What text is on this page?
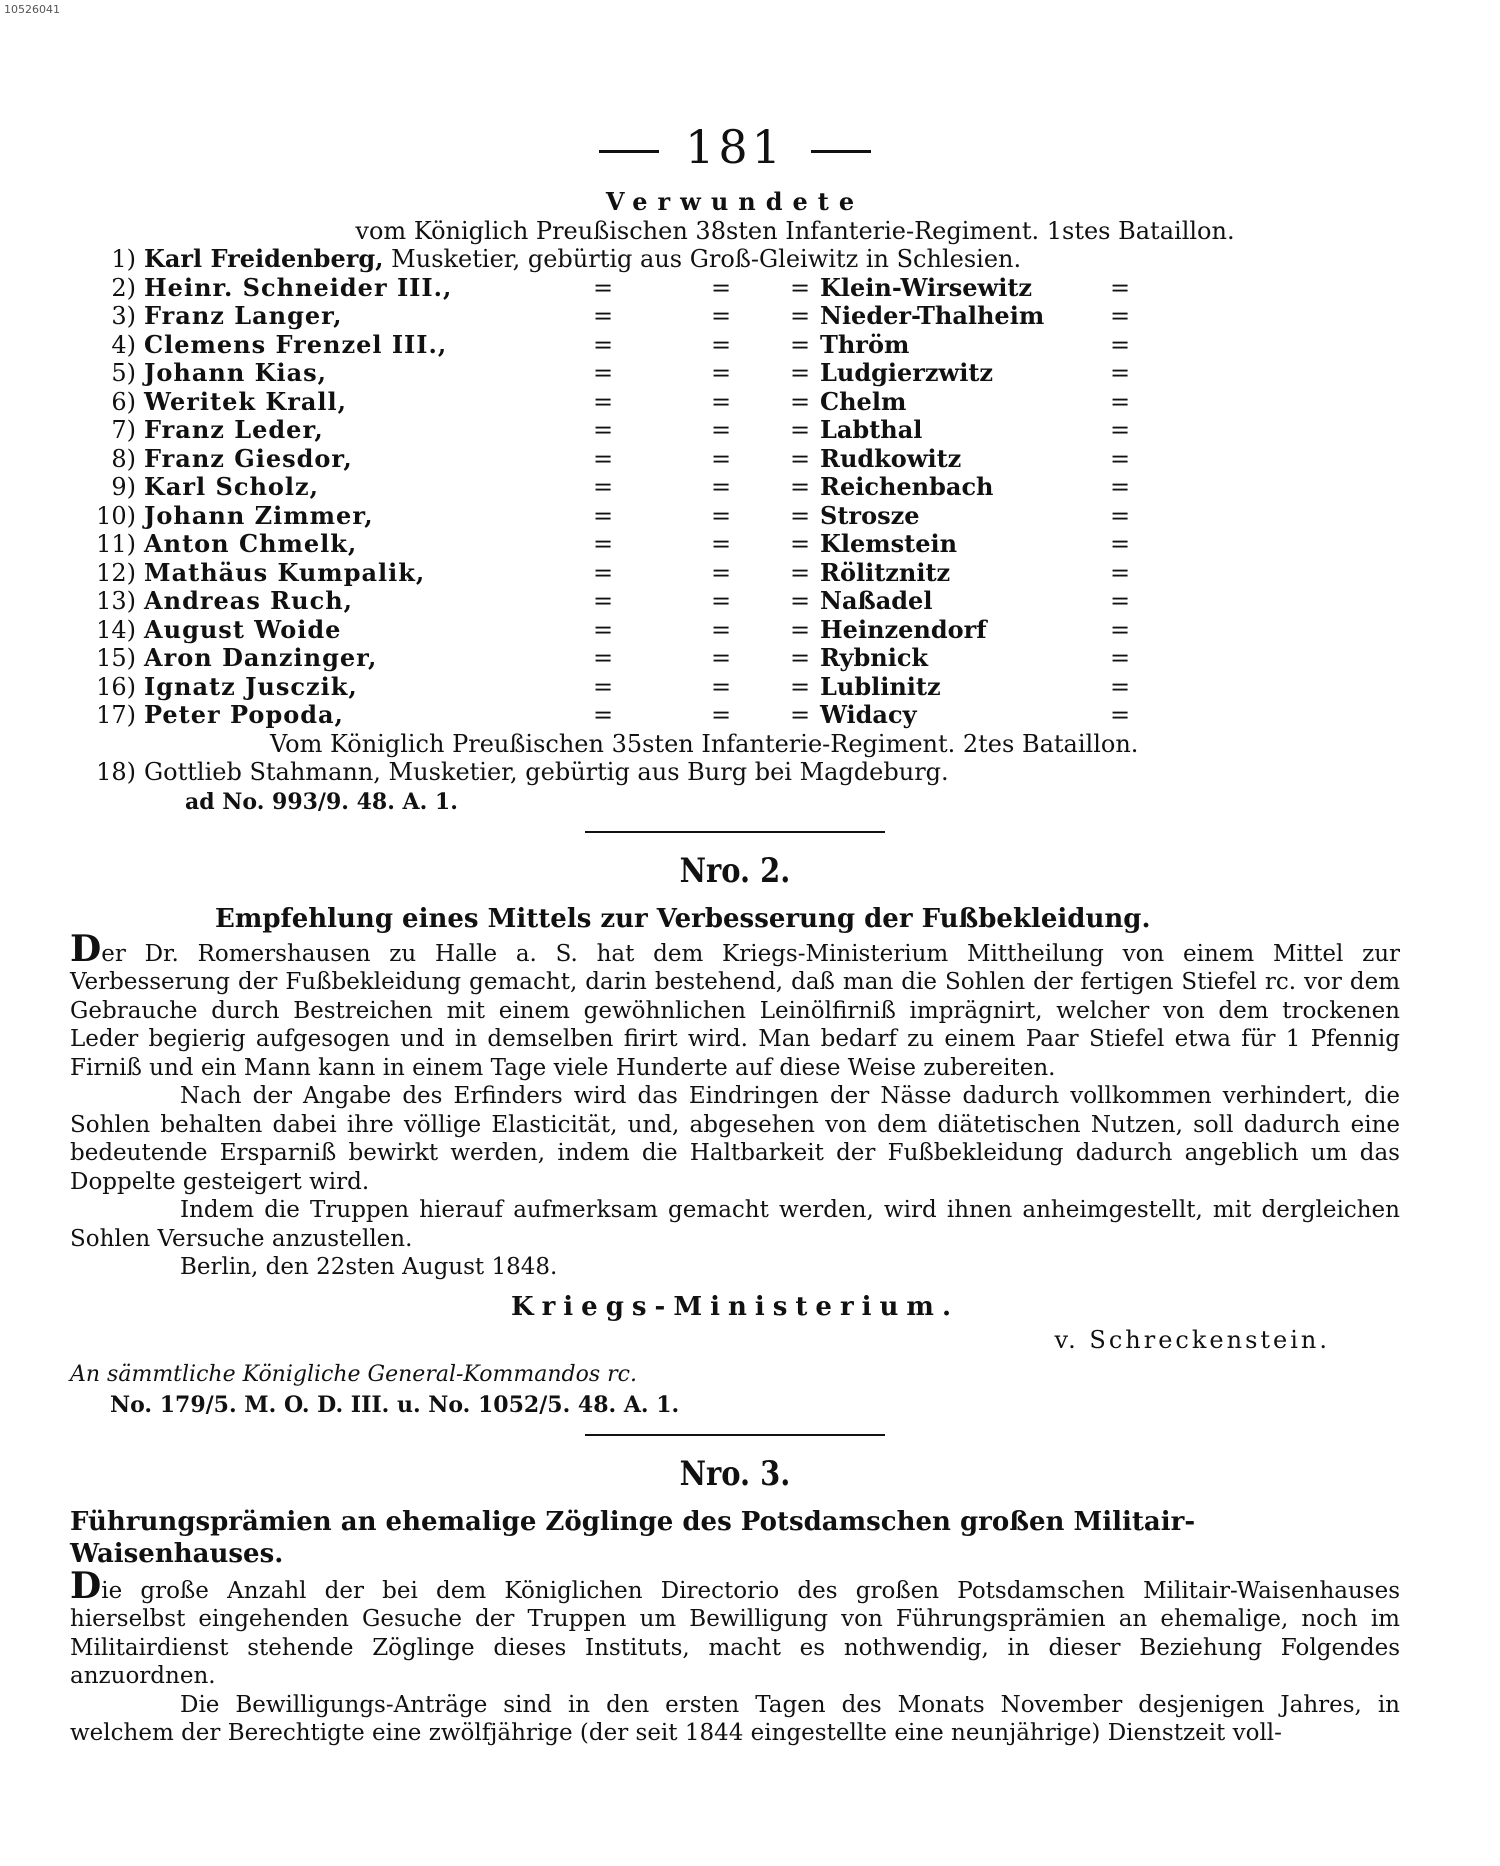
10526041
181
Verwundete
vom Königlich Preußischen 38sten Infanterie-Regiment. 1stes Bataillon.
1)	Karl Freidenberg, Musketier, gebürtig aus Groß-Gleiwitz in Schlesien.					
2)	Heinr. Schneider III.,	=	=	=	Klein-Wirsewitz	=
3)	Franz Langer,	=	=	=	Nieder-Thalheim	=
4)	Clemens Frenzel III.,	=	=	=	Thröm	=
5)	Johann Kias,	=	=	=	Ludgierzwitz	=
6)	Weritek Krall,	=	=	=	Chelm	=
7)	Franz Leder,	=	=	=	Labthal	=
8)	Franz Giesdor,	=	=	=	Rudkowitz	=
9)	Karl Scholz,	=	=	=	Reichenbach	=
10)	Johann Zimmer,	=	=	=	Strosze	=
11)	Anton Chmelk,	=	=	=	Klemstein	=
12)	Mathäus Kumpalik,	=	=	=	Rölitznitz	=
13)	Andreas Ruch,	=	=	=	Naßadel	=
14)	August Woide	=	=	=	Heinzendorf	=
15)	Aron Danzinger,	=	=	=	Rybnick	=
16)	Ignatz Jusczik,	=	=	=	Lublinitz	=
17)	Peter Popoda,	=	=	=	Widacy	=
Vom Königlich Preußischen 35sten Infanterie-Regiment. 2tes Bataillon.
18) Gottlieb Stahmann, Musketier, gebürtig aus Burg bei Magdeburg.
ad No. 993/9. 48. A. 1.
Nro. 2.
Empfehlung eines Mittels zur Verbesserung der Fußbekleidung.

Der Dr. Romershausen zu Halle a. S. hat dem Kriegs-Ministerium Mittheilung von einem Mittel zur Verbesserung der Fußbekleidung gemacht, darin bestehend, daß man die Sohlen der fertigen Stiefel rc. vor dem Gebrauche durch Bestreichen mit einem gewöhnlichen Leinölfirniß imprägnirt, welcher von dem trockenen Leder begierig aufgesogen und in demselben firirt wird. Man bedarf zu einem Paar Stiefel etwa für 1 Pfennig Firniß und ein Mann kann in einem Tage viele Hunderte auf diese Weise zubereiten.

Nach der Angabe des Erfinders wird das Eindringen der Nässe dadurch vollkommen verhindert, die Sohlen behalten dabei ihre völlige Elasticität, und, abgesehen von dem diätetischen Nutzen, soll dadurch eine bedeutende Ersparniß bewirkt werden, indem die Haltbarkeit der Fußbekleidung dadurch angeblich um das Doppelte gesteigert wird.

Indem die Truppen hierauf aufmerksam gemacht werden, wird ihnen anheimgestellt, mit dergleichen Sohlen Versuche anzustellen.

Berlin, den 22sten August 1848.

Kriegs-Ministerium.
v. Schreckenstein.
An sämmtliche Königliche General-Kommandos rc.
No. 179/5. M. O. D. III. u. No. 1052/5. 48. A. 1.
Nro. 3.
Führungsprämien an ehemalige Zöglinge des Potsdamschen großen Militair-Waisenhauses.

Die große Anzahl der bei dem Königlichen Directorio des großen Potsdamschen Militair-Waisenhauses hierselbst eingehenden Gesuche der Truppen um Bewilligung von Führungsprämien an ehemalige, noch im Militairdienst stehende Zöglinge dieses Instituts, macht es nothwendig, in dieser Beziehung Folgendes anzuordnen.

Die Bewilligungs-Anträge sind in den ersten Tagen des Monats November desjenigen Jahres, in welchem der Berechtigte eine zwölfjährige (der seit 1844 eingestellte eine neunjährige) Dienstzeit voll-
